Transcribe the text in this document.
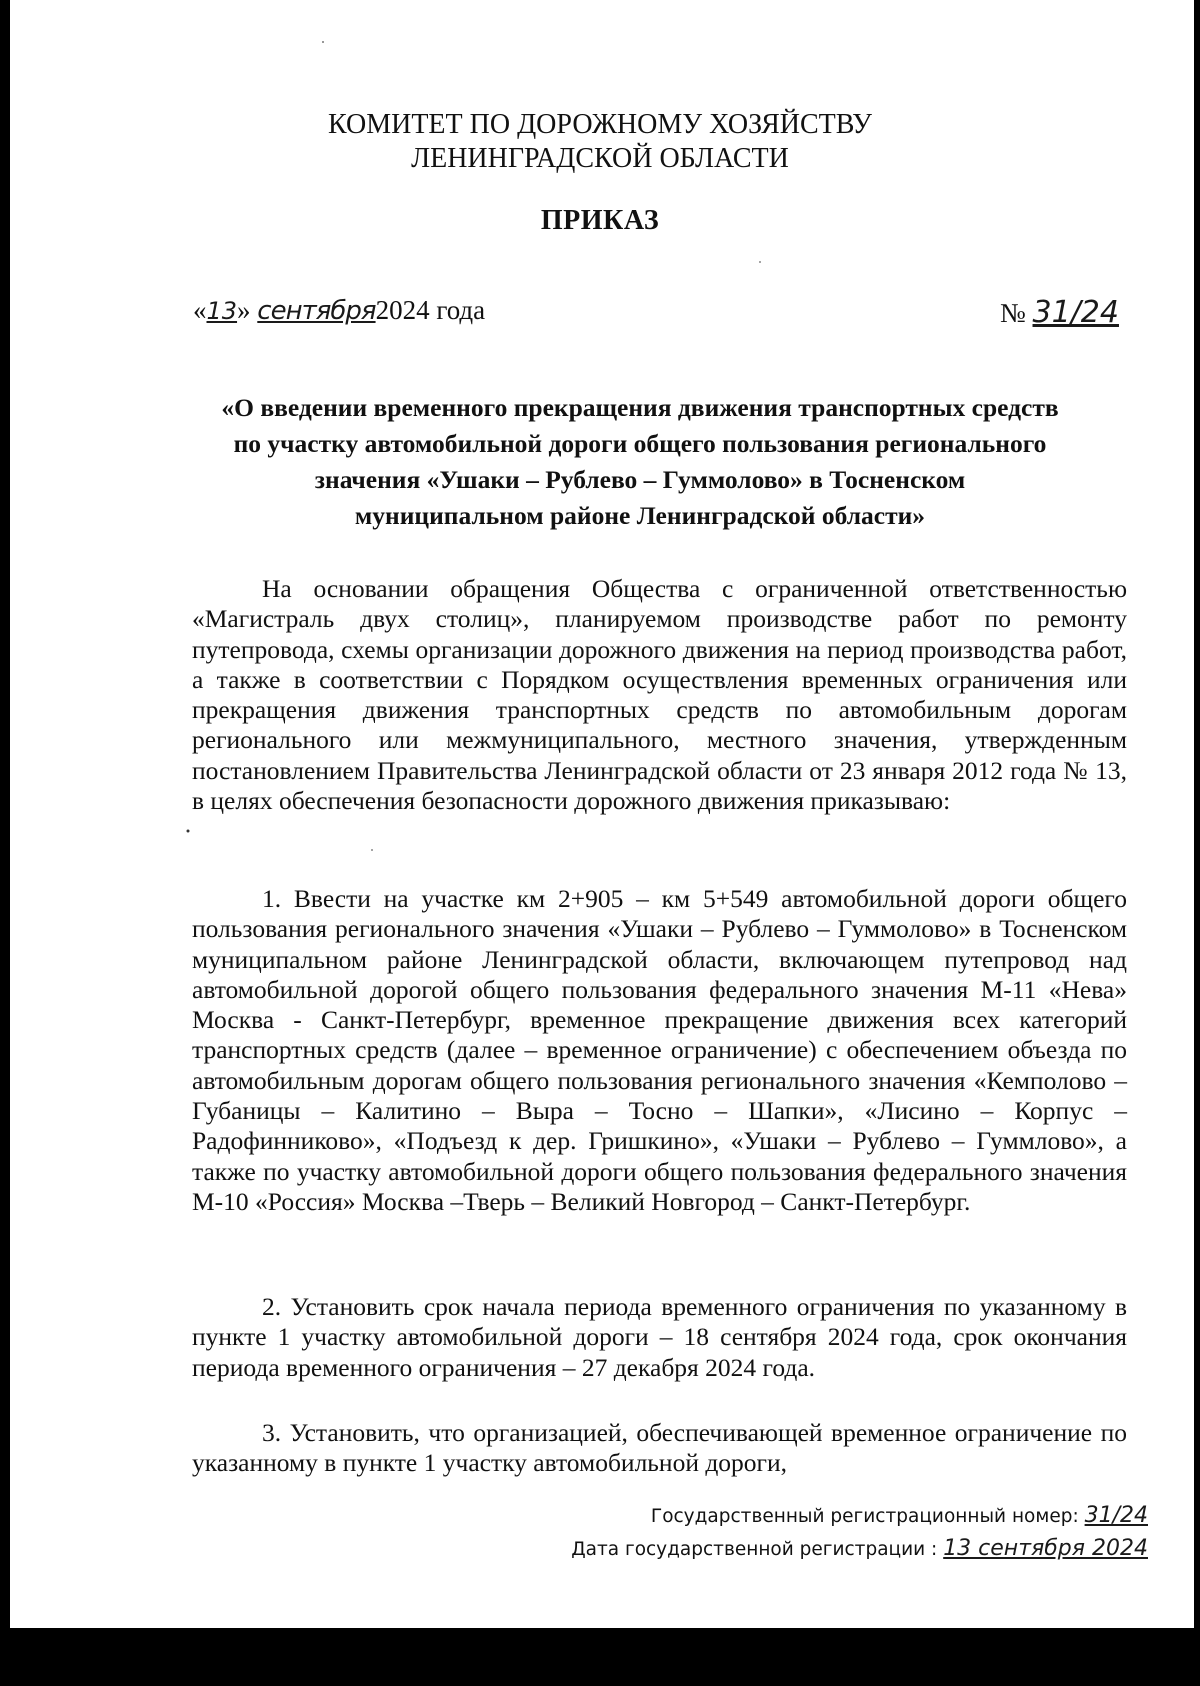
КОМИТЕТ ПО ДОРОЖНОМУ ХОЗЯЙСТВУ
ЛЕНИНГРАДСКОЙ ОБЛАСТИ
ПРИКАЗ
«13» сентября2024 года	№ 31/24
«О введении временного прекращения движения транспортных средств
по участку автомобильной дороги общего пользования регионального
значения «Ушаки – Рублево – Гуммолово» в Тосненском
муниципальном районе Ленинградской области»

На основании обращения Общества с ограниченной ответственностью «Магистраль двух столиц», планируемом производстве работ по ремонту путепровода, схемы организации дорожного движения на период производства работ, а также в соответствии с Порядком осуществления временных ограничения или прекращения движения транспортных средств по автомобильным дорогам регионального или межмуниципального, местного значения, утвержденным постановлением Правительства Ленинградской области от 23 января 2012 года № 13, в целях обеспечения безопасности дорожного движения приказываю:

1. Ввести на участке км 2+905 – км 5+549 автомобильной дороги общего пользования регионального значения «Ушаки – Рублево – Гуммолово» в Тосненском муниципальном районе Ленинградской области, включающем путепровод над автомобильной дорогой общего пользования федерального значения М-11 «Нева» Москва - Санкт-Петербург, временное прекращение движения всех категорий транспортных средств (далее – временное ограничение) с обеспечением объезда по автомобильным дорогам общего пользования регионального значения «Кемполово – Губаницы – Калитино – Выра – Тосно – Шапки», «Лисино – Корпус – Радофинниково», «Подъезд к дер. Гришкино», «Ушаки – Рублево – Гуммлово», а также по участку автомобильной дороги общего пользования федерального значения М-10 «Россия» Москва –Тверь – Великий Новгород – Санкт-Петербург.

2. Установить срок начала периода временного ограничения по указанному в пункте 1 участку автомобильной дороги – 18 сентября 2024 года, срок окончания периода временного ограничения – 27 декабря 2024 года.

3. Установить, что организацией, обеспечивающей временное ограничение по указанному в пункте 1 участку автомобильной дороги,

Государственный регистрационный номер: 31/24
Дата государственной регистрации : 13 сентября 2024
